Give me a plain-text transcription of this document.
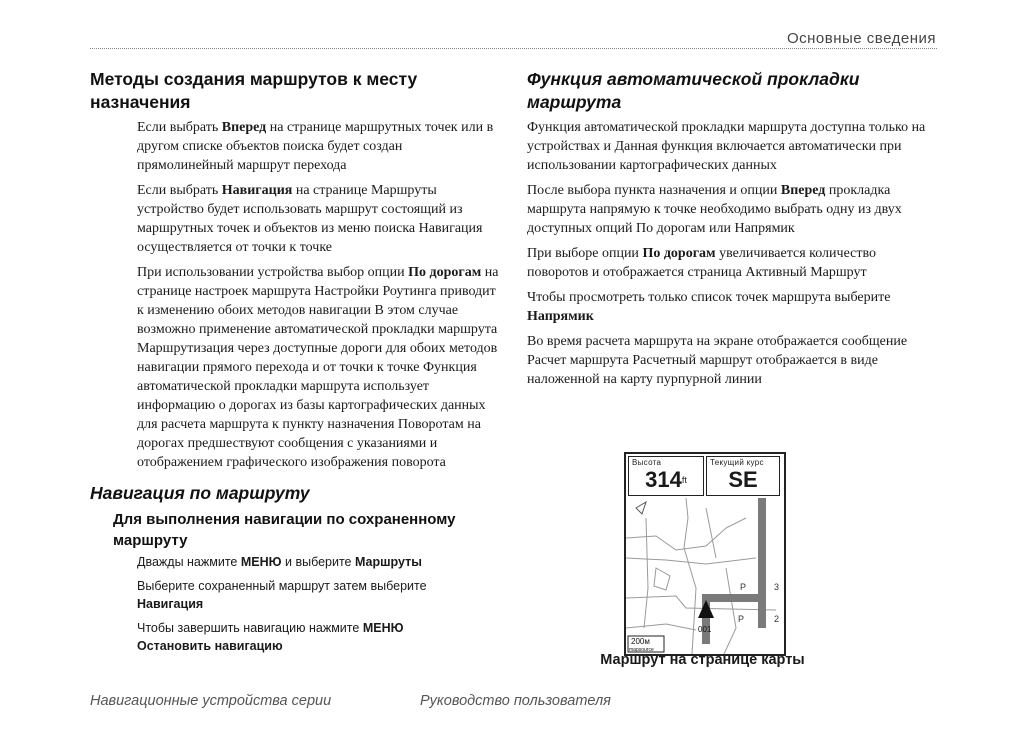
Основные сведения
Методы создания маршрутов к месту назначения

Если выбрать Вперед на странице маршрутных точек или в другом списке объектов поиска будет создан прямолинейный маршрут перехода

Если выбрать Навигация на странице Маршруты устройство будет использовать маршрут состоящий из маршрутных точек и объектов из меню поиска Навигация осуществляется от точки к точке

При использовании устройства выбор опции По дорогам на странице настроек маршрута Настройки Роутинга приводит к изменению обоих методов навигации В этом случае возможно применение автоматической прокладки маршрута Маршрутизация через доступные дороги для обоих методов навигации прямого перехода и от точки к точке Функция автоматической прокладки маршрута использует информацию о дорогах из базы картографических данных для расчета маршрута к пункту назначения Поворотам на дорогах предшествуют сообщения с указаниями и отображением графического изображения поворота

Навигация по маршруту
Для выполнения навигации по сохраненному маршруту

Дважды нажмите МЕНЮ и выберите Маршруты

Выберите сохраненный маршрут затем выберите
Навигация

Чтобы завершить навигацию нажмите МЕНЮ
Остановить навигацию

Функция автоматической прокладки маршрута

Функция автоматической прокладки маршрута доступна только на устройствах и Данная функция включается автоматически при использовании картографических данных

После выбора пункта назначения и опции Вперед прокладка маршрута напрямую к точке необходимо выбрать одну из двух доступных опций По дорогам или Напрямик

При выборе опции По дорогам увеличивается количество поворотов и отображается страница Активный Маршрут

Чтобы просмотреть только список точек маршрута выберите Напрямик

Во время расчета маршрута на экране отображается сообщение Расчет маршрута Расчетный маршрут отображается в виде наложенной на карту пурпурной линии

Высота
$314^{ft}$
Текущий курс
SE
P	3
P	2
001
200м
mapsource
Маршрут на странице карты
Навигационные устройства серии	Руководство пользователя
